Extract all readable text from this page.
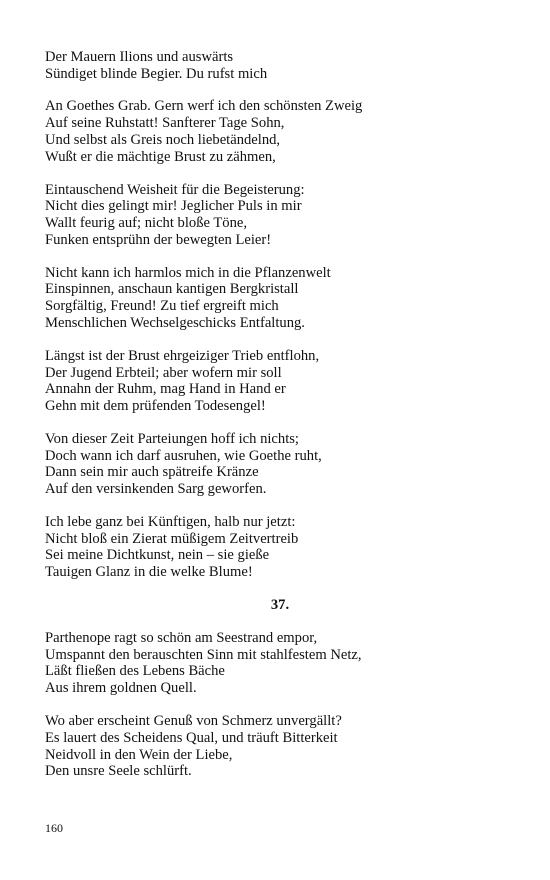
Der Mauern Ilions und auswärts
Sündiget blinde Begier. Du rufst mich
An Goethes Grab. Gern werf ich den schönsten Zweig
Auf seine Ruhstatt! Sanfterer Tage Sohn,
Und selbst als Greis noch liebetändelnd,
Wußt er die mächtige Brust zu zähmen,
Eintauschend Weisheit für die Begeisterung:
Nicht dies gelingt mir! Jeglicher Puls in mir
Wallt feurig auf; nicht bloße Töne,
Funken entsprühn der bewegten Leier!
Nicht kann ich harmlos mich in die Pflanzenwelt
Einspinnen, anschaun kantigen Bergkristall
Sorgfältig, Freund! Zu tief ergreift mich
Menschlichen Wechselgeschicks Entfaltung.
Längst ist der Brust ehrgeiziger Trieb entflohn,
Der Jugend Erbteil; aber wofern mir soll
Annahn der Ruhm, mag Hand in Hand er
Gehn mit dem prüfenden Todesengel!
Von dieser Zeit Parteiungen hoff ich nichts;
Doch wann ich darf ausruhen, wie Goethe ruht,
Dann sein mir auch spätreife Kränze
Auf den versinkenden Sarg geworfen.
Ich lebe ganz bei Künftigen, halb nur jetzt:
Nicht bloß ein Zierat müßigem Zeitvertreib
Sei meine Dichtkunst, nein – sie gieße
Tauigen Glanz in die welke Blume!
37.
Parthenope ragt so schön am Seestrand empor,
Umspannt den berauschten Sinn mit stahlfestem Netz,
Läßt fließen des Lebens Bäche
Aus ihrem goldnen Quell.
Wo aber erscheint Genuß von Schmerz unvergällt?
Es lauert des Scheidens Qual, und träuft Bitterkeit
Neidvoll in den Wein der Liebe,
Den unsre Seele schlürft.
160
